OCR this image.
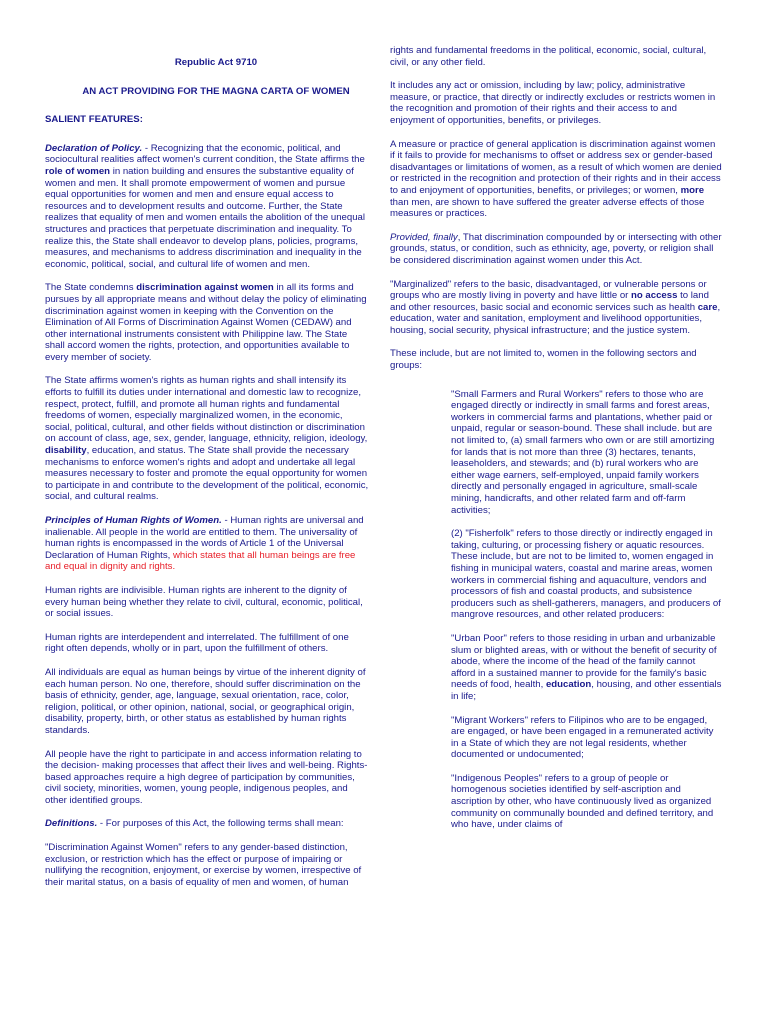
Republic Act 9710

AN ACT PROVIDING FOR THE MAGNA CARTA OF WOMEN

SALIENT FEATURES:

Declaration of Policy. - Recognizing that the economic, political, and sociocultural realities affect women's current condition, the State affirms the role of women in nation building and ensures the substantive equality of women and men. It shall promote empowerment of women and pursue equal opportunities for women and men and ensure equal access to resources and to development results and outcome. Further, the State realizes that equality of men and women entails the abolition of the unequal structures and practices that perpetuate discrimination and inequality. To realize this, the State shall endeavor to develop plans, policies, programs, measures, and mechanisms to address discrimination and inequality in the economic, political, social, and cultural life of women and men.

The State condemns discrimination against women in all its forms and pursues by all appropriate means and without delay the policy of eliminating discrimination against women in keeping with the Convention on the Elimination of All Forms of Discrimination Against Women (CEDAW) and other international instruments consistent with Philippine law. The State shall accord women the rights, protection, and opportunities available to every member of society.

The State affirms women's rights as human rights and shall intensify its efforts to fulfill its duties under international and domestic law to recognize, respect, protect, fulfill, and promote all human rights and fundamental freedoms of women, especially marginalized women, in the economic, social, political, cultural, and other fields without distinction or discrimination on account of class, age, sex, gender, language, ethnicity, religion, ideology, disability, education, and status. The State shall provide the necessary mechanisms to enforce women's rights and adopt and undertake all legal measures necessary to foster and promote the equal opportunity for women to participate in and contribute to the development of the political, economic, social, and cultural realms.

Principles of Human Rights of Women. - Human rights are universal and inalienable. All people in the world are entitled to them. The universality of human rights is encompassed in the words of Article 1 of the Universal Declaration of Human Rights, which states that all human beings are free and equal in dignity and rights.

Human rights are indivisible. Human rights are inherent to the dignity of every human being whether they relate to civil, cultural, economic, political, or social issues.

Human rights are interdependent and interrelated. The fulfillment of one right often depends, wholly or in part, upon the fulfillment of others.

All individuals are equal as human beings by virtue of the inherent dignity of each human person. No one, therefore, should suffer discrimination on the basis of ethnicity, gender, age, language, sexual orientation, race, color, religion, political, or other opinion, national, social, or geographical origin, disability, property, birth, or other status as established by human rights standards.

All people have the right to participate in and access information relating to the decision- making processes that affect their lives and well-being. Rights-based approaches require a high degree of participation by communities, civil society, minorities, women, young people, indigenous peoples, and other identified groups.

Definitions. - For purposes of this Act, the following terms shall mean:

"Discrimination Against Women" refers to any gender-based distinction, exclusion, or restriction which has the effect or purpose of impairing or nullifying the recognition, enjoyment, or exercise by women, irrespective of their marital status, on a basis of equality of men and women, of human

rights and fundamental freedoms in the political, economic, social, cultural, civil, or any other field.

It includes any act or omission, including by law; policy, administrative measure, or practice, that directly or indirectly excludes or restricts women in the recognition and promotion of their rights and their access to and enjoyment of opportunities, benefits, or privileges.

A measure or practice of general application is discrimination against women if it fails to provide for mechanisms to offset or address sex or gender-based disadvantages or limitations of women, as a result of which women are denied or restricted in the recognition and protection of their rights and in their access to and enjoyment of opportunities, benefits, or privileges; or women, more than men, are shown to have suffered the greater adverse effects of those measures or practices.

Provided, finally, That discrimination compounded by or intersecting with other grounds, status, or condition, such as ethnicity, age, poverty, or religion shall be considered discrimination against women under this Act.

"Marginalized" refers to the basic, disadvantaged, or vulnerable persons or groups who are mostly living in poverty and have little or no access to land and other resources, basic social and economic services such as health care, education, water and sanitation, employment and livelihood opportunities, housing, social security, physical infrastructure; and the justice system.

These include, but are not limited to, women in the following sectors and groups:

"Small Farmers and Rural Workers" refers to those who are engaged directly or indirectly in small farms and forest areas, workers in commercial farms and plantations, whether paid or unpaid, regular or season-bound. These shall include. but are not limited to, (a) small farmers who own or are still amortizing for lands that is not more than three (3) hectares, tenants, leaseholders, and stewards; and (b) rural workers who are either wage earners, self-employed, unpaid family workers directly and personally engaged in agriculture, small-scale mining, handicrafts, and other related farm and off-farm activities;

(2) "Fisherfolk" refers to those directly or indirectly engaged in taking, culturing, or processing fishery or aquatic resources. These include, but are not to be limited to, women engaged in fishing in municipal waters, coastal and marine areas, women workers in commercial fishing and aquaculture, vendors and processors of fish and coastal products, and subsistence producers such as shell-gatherers, managers, and producers of mangrove resources, and other related producers:

"Urban Poor" refers to those residing in urban and urbanizable slum or blighted areas, with or without the benefit of security of abode, where the income of the head of the family cannot afford in a sustained manner to provide for the family's basic needs of food, health, education, housing, and other essentials in life;

"Migrant Workers" refers to Filipinos who are to be engaged, are engaged, or have been engaged in a remunerated activity in a State of which they are not legal residents, whether documented or undocumented;

"Indigenous Peoples" refers to a group of people or homogenous societies identified by self-ascription and ascription by other, who have continuously lived as organized community on communally bounded and defined territory, and who have, under claims of
